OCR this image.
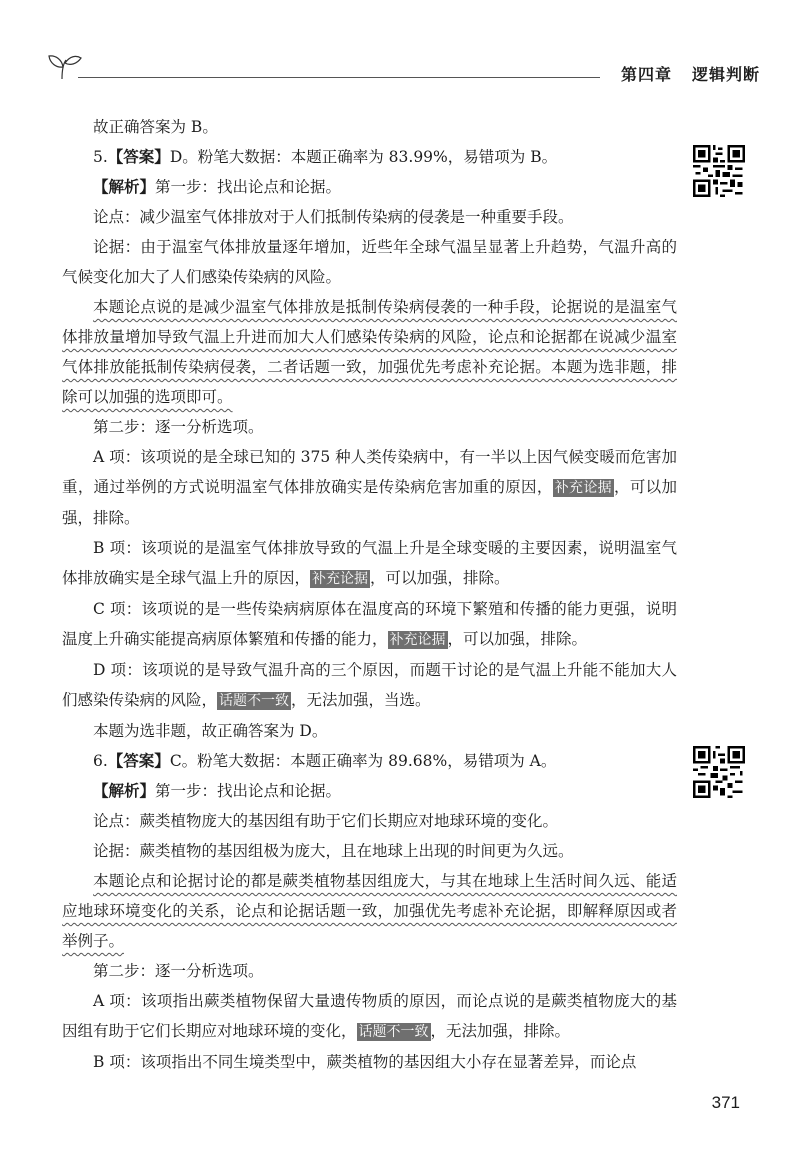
第四章 逻辑判断

故正确答案为 B。

5.【答案】D。粉笔大数据：本题正确率为 83.99%，易错项为 B。

【解析】第一步：找出论点和论据。

论点：减少温室气体排放对于人们抵制传染病的侵袭是一种重要手段。

论据：由于温室气体排放量逐年增加，近些年全球气温呈显著上升趋势，气温升高的气候变化加大了人们感染传染病的风险。

本题论点说的是减少温室气体排放是抵制传染病侵袭的一种手段，论据说的是温室气体排放量增加导致气温上升进而加大人们感染传染病的风险，论点和论据都在说减少温室气体排放能抵制传染病侵袭，二者话题一致，加强优先考虑补充论据。本题为选非题，排除可以加强的选项即可。

第二步：逐一分析选项。

A 项：该项说的是全球已知的 375 种人类传染病中，有一半以上因气候变暖而危害加重，通过举例的方式说明温室气体排放确实是传染病危害加重的原因， 补充论据 ，可以加强，排除。

B 项：该项说的是温室气体排放导致的气温上升是全球变暖的主要因素，说明温室气体排放确实是全球气温上升的原因， 补充论据 ，可以加强，排除。

C 项：该项说的是一些传染病病原体在温度高的环境下繁殖和传播的能力更强，说明温度上升确实能提高病原体繁殖和传播的能力， 补充论据 ，可以加强，排除。

D 项：该项说的是导致气温升高的三个原因，而题干讨论的是气温上升能不能加大人们感染传染病的风险， 话题不一致 ，无法加强，当选。

本题为选非题，故正确答案为 D。

6.【答案】C。粉笔大数据：本题正确率为 89.68%，易错项为 A。

【解析】第一步：找出论点和论据。

论点：蕨类植物庞大的基因组有助于它们长期应对地球环境的变化。

论据：蕨类植物的基因组极为庞大，且在地球上出现的时间更为久远。

本题论点和论据讨论的都是蕨类植物基因组庞大，与其在地球上生活时间久远、能适应地球环境变化的关系，论点和论据话题一致，加强优先考虑补充论据，即解释原因或者举例子。

第二步：逐一分析选项。

A 项：该项指出蕨类植物保留大量遗传物质的原因，而论点说的是蕨类植物庞大的基因组有助于它们长期应对地球环境的变化， 话题不一致 ，无法加强，排除。

B 项：该项指出不同生境类型中，蕨类植物的基因组大小存在显著差异，而论点

371
